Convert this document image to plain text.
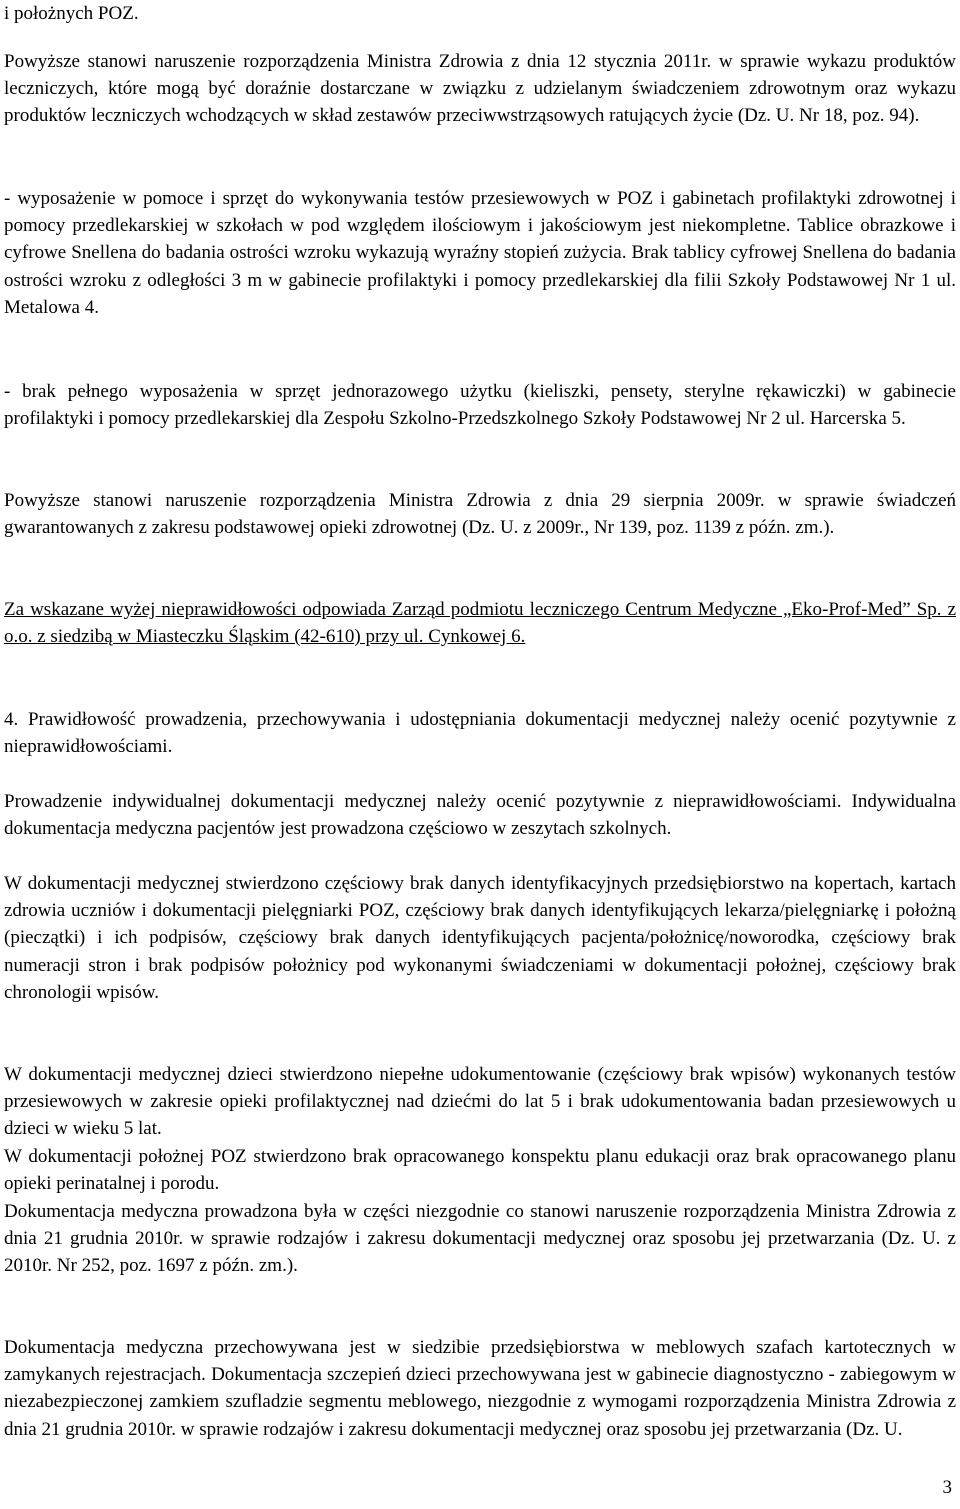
i położnych POZ.

Powyższe stanowi naruszenie rozporządzenia Ministra Zdrowia z dnia 12 stycznia 2011r. w sprawie wykazu produktów leczniczych, które mogą być doraźnie dostarczane w związku z udzielanym świadczeniem zdrowotnym oraz wykazu produktów leczniczych wchodzących w skład zestawów przeciwwstrząsowych ratujących życie (Dz. U. Nr 18, poz. 94).

- wyposażenie w pomoce i sprzęt do wykonywania testów przesiewowych w POZ i gabinetach profilaktyki zdrowotnej i pomocy przedlekarskiej w szkołach w pod względem ilościowym i jakościowym jest niekompletne. Tablice obrazkowe i cyfrowe Snellena do badania ostrości wzroku wykazują wyraźny stopień zużycia. Brak tablicy cyfrowej Snellena do badania ostrości wzroku z odległości 3 m w gabinecie profilaktyki i pomocy przedlekarskiej dla filii Szkoły Podstawowej Nr 1 ul. Metalowa 4.

- brak pełnego wyposażenia w sprzęt jednorazowego użytku (kieliszki, pensety, sterylne rękawiczki) w gabinecie profilaktyki i pomocy przedlekarskiej dla Zespołu Szkolno-Przedszkolnego Szkoły Podstawowej Nr 2 ul. Harcerska 5.

Powyższe stanowi naruszenie rozporządzenia Ministra Zdrowia z dnia 29 sierpnia 2009r. w sprawie świadczeń gwarantowanych z zakresu podstawowej opieki zdrowotnej (Dz. U. z 2009r., Nr 139, poz. 1139 z późn. zm.).

Za wskazane wyżej nieprawidłowości odpowiada Zarząd podmiotu leczniczego Centrum Medyczne „Eko-Prof-Med” Sp. z o.o. z siedzibą w Miasteczku Śląskim (42-610) przy ul. Cynkowej 6.

4. Prawidłowość prowadzenia, przechowywania i udostępniania dokumentacji medycznej należy ocenić pozytywnie z nieprawidłowościami.

Prowadzenie indywidualnej dokumentacji medycznej należy ocenić pozytywnie z nieprawidłowościami. Indywidualna dokumentacja medyczna pacjentów jest prowadzona częściowo w zeszytach szkolnych.

W dokumentacji medycznej stwierdzono częściowy brak danych identyfikacyjnych przedsiębiorstwo na kopertach, kartach zdrowia uczniów i dokumentacji pielęgniarki POZ, częściowy brak danych identyfikujących lekarza/pielęgniarkę i położną (pieczątki) i ich podpisów, częściowy brak danych identyfikujących pacjenta/położnicę/noworodka, częściowy brak numeracji stron i brak podpisów położnicy pod wykonanymi świadczeniami w dokumentacji położnej, częściowy brak chronologii wpisów.

W dokumentacji medycznej dzieci stwierdzono niepełne udokumentowanie (częściowy brak wpisów) wykonanych testów przesiewowych w zakresie opieki profilaktycznej nad dziećmi do lat 5 i brak udokumentowania badan przesiewowych u dzieci w wieku 5 lat.

W dokumentacji położnej POZ stwierdzono brak opracowanego konspektu planu edukacji oraz brak opracowanego planu opieki perinatalnej i porodu.

Dokumentacja medyczna prowadzona była w części niezgodnie co stanowi naruszenie rozporządzenia Ministra Zdrowia z dnia 21 grudnia 2010r. w sprawie rodzajów i zakresu dokumentacji medycznej oraz sposobu jej przetwarzania (Dz. U. z 2010r. Nr 252, poz. 1697 z późn. zm.).

Dokumentacja medyczna przechowywana jest w siedzibie przedsiębiorstwa w meblowych szafach kartotecznych w zamykanych rejestracjach. Dokumentacja szczepień dzieci przechowywana jest w gabinecie diagnostyczno - zabiegowym w niezabezpieczonej zamkiem szufladzie segmentu meblowego, niezgodnie z wymogami rozporządzenia Ministra Zdrowia z dnia 21 grudnia 2010r. w sprawie rodzajów i zakresu dokumentacji medycznej oraz sposobu jej przetwarzania (Dz. U.

3
